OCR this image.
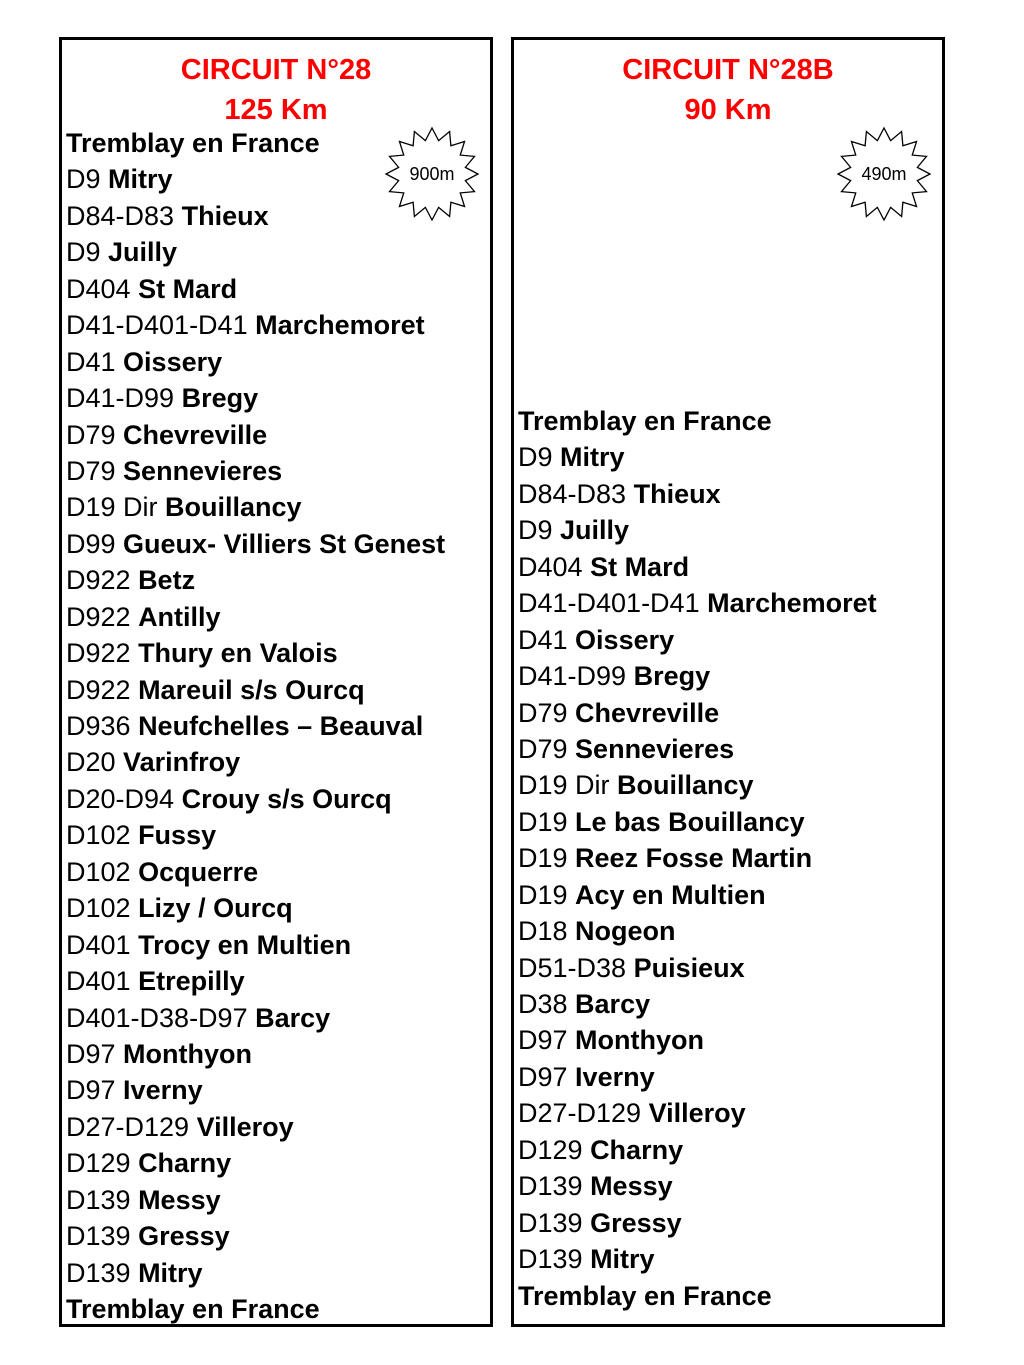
CIRCUIT N°28
125 Km
900m
Tremblay en France
D9 Mitry
D84-D83 Thieux
D9 Juilly
D404 St Mard
D41-D401-D41 Marchemoret
D41 Oissery
D41-D99 Bregy
D79 Chevreville
D79 Sennevieres
D19 Dir Bouillancy
D99 Gueux- Villiers St Genest
D922 Betz
D922 Antilly
D922 Thury en Valois
D922 Mareuil s/s Ourcq
D936 Neufchelles – Beauval
D20 Varinfroy
D20-D94 Crouy s/s Ourcq
D102 Fussy
D102 Ocquerre
D102 Lizy / Ourcq
D401 Trocy en Multien
D401 Etrepilly
D401-D38-D97 Barcy
D97 Monthyon
D97 Iverny
D27-D129 Villeroy
D129 Charny
D139 Messy
D139 Gressy
D139 Mitry
Tremblay en France
CIRCUIT N°28B
90 Km
490m
Tremblay en France
D9 Mitry
D84-D83 Thieux
D9 Juilly
D404 St Mard
D41-D401-D41 Marchemoret
D41 Oissery
D41-D99 Bregy
D79 Chevreville
D79 Sennevieres
D19 Dir Bouillancy
D19 Le bas Bouillancy
D19 Reez Fosse Martin
D19 Acy en Multien
D18 Nogeon
D51-D38 Puisieux
D38 Barcy
D97 Monthyon
D97 Iverny
D27-D129 Villeroy
D129 Charny
D139 Messy
D139 Gressy
D139 Mitry
Tremblay en France
